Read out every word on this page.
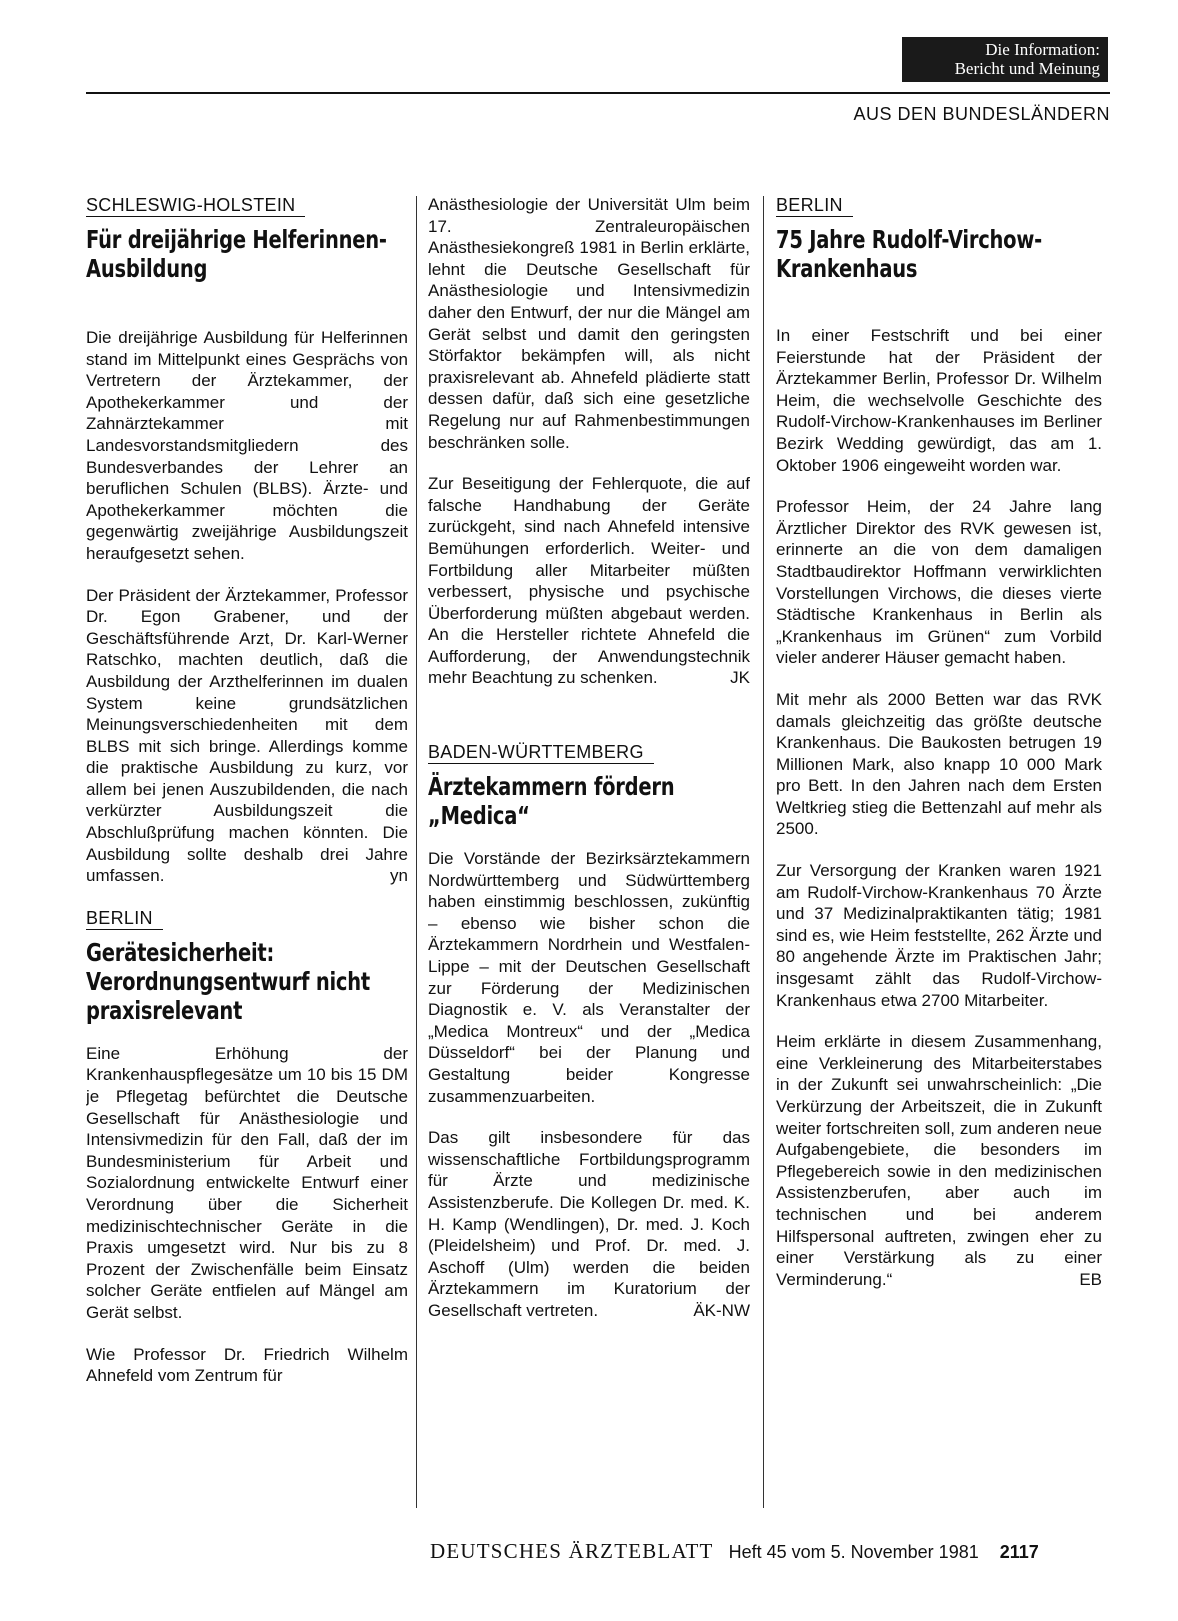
Die Information:
Bericht und Meinung
AUS DEN BUNDESLÄNDERN
SCHLESWIG-HOLSTEIN
Für dreijährige Helferinnen-Ausbildung

Die dreijährige Ausbildung für Helferinnen stand im Mittelpunkt eines Gesprächs von Vertretern der Ärztekammer, der Apothekerkammer und der Zahnärztekammer mit Landesvorstandsmitgliedern des Bundesverbandes der Lehrer an beruflichen Schulen (BLBS). Ärzte- und Apothekerkammer möchten die gegenwärtig zweijährige Ausbildungszeit heraufgesetzt sehen.

Der Präsident der Ärztekammer, Professor Dr. Egon Grabener, und der Geschäftsführende Arzt, Dr. Karl-Werner Ratschko, machten deutlich, daß die Ausbildung der Arzthelferinnen im dualen System keine grundsätzlichen Meinungsverschiedenheiten mit dem BLBS mit sich bringe. Allerdings komme die praktische Ausbildung zu kurz, vor allem bei jenen Auszubildenden, die nach verkürzter Ausbildungszeit die Abschlußprüfung machen könnten. Die Ausbildung sollte deshalb drei Jahre umfassen.	yn

BERLIN
Gerätesicherheit: Verordnungsentwurf nicht praxisrelevant

Eine Erhöhung der Krankenhauspflegesätze um 10 bis 15 DM je Pflegetag befürchtet die Deutsche Gesellschaft für Anästhesiologie und Intensivmedizin für den Fall, daß der im Bundesministerium für Arbeit und Sozialordnung entwickelte Entwurf einer Verordnung über die Sicherheit medizinischtechnischer Geräte in die Praxis umgesetzt wird. Nur bis zu 8 Prozent der Zwischenfälle beim Einsatz solcher Geräte entfielen auf Mängel am Gerät selbst.

Wie Professor Dr. Friedrich Wilhelm Ahnefeld vom Zentrum für

Anästhesiologie der Universität Ulm beim 17. Zentraleuropäischen Anästhesiekongreß 1981 in Berlin erklärte, lehnt die Deutsche Gesellschaft für Anästhesiologie und Intensivmedizin daher den Entwurf, der nur die Mängel am Gerät selbst und damit den geringsten Störfaktor bekämpfen will, als nicht praxisrelevant ab. Ahnefeld plädierte statt dessen dafür, daß sich eine gesetzliche Regelung nur auf Rahmenbestimmungen beschränken solle.

Zur Beseitigung der Fehlerquote, die auf falsche Handhabung der Geräte zurückgeht, sind nach Ahnefeld intensive Bemühungen erforderlich. Weiter- und Fortbildung aller Mitarbeiter müßten verbessert, physische und psychische Überforderung müßten abgebaut werden. An die Hersteller richtete Ahnefeld die Aufforderung, der Anwendungstechnik mehr Beachtung zu schenken.	JK

BADEN-WÜRTTEMBERG
Ärztekammern fördern „Medica“

Die Vorstände der Bezirksärztekammern Nordwürttemberg und Südwürttemberg haben einstimmig beschlossen, zukünftig – ebenso wie bisher schon die Ärztekammern Nordrhein und Westfalen-Lippe – mit der Deutschen Gesellschaft zur Förderung der Medizinischen Diagnostik e. V. als Veranstalter der „Medica Montreux“ und der „Medica Düsseldorf“ bei der Planung und Gestaltung beider Kongresse zusammenzuarbeiten.

Das gilt insbesondere für das wissenschaftliche Fortbildungsprogramm für Ärzte und medizinische Assistenzberufe. Die Kollegen Dr. med. K. H. Kamp (Wendlingen), Dr. med. J. Koch (Pleidelsheim) und Prof. Dr. med. J. Aschoff (Ulm) werden die beiden Ärztekammern im Kuratorium der Gesellschaft vertreten.	ÄK-NW

BERLIN
75 Jahre Rudolf-Virchow-Krankenhaus

In einer Festschrift und bei einer Feierstunde hat der Präsident der Ärztekammer Berlin, Professor Dr. Wilhelm Heim, die wechselvolle Geschichte des Rudolf-Virchow-Krankenhauses im Berliner Bezirk Wedding gewürdigt, das am 1. Oktober 1906 eingeweiht worden war.

Professor Heim, der 24 Jahre lang Ärztlicher Direktor des RVK gewesen ist, erinnerte an die von dem damaligen Stadtbaudirektor Hoffmann verwirklichten Vorstellungen Virchows, die dieses vierte Städtische Krankenhaus in Berlin als „Krankenhaus im Grünen“ zum Vorbild vieler anderer Häuser gemacht haben.

Mit mehr als 2000 Betten war das RVK damals gleichzeitig das größte deutsche Krankenhaus. Die Baukosten betrugen 19 Millionen Mark, also knapp 10 000 Mark pro Bett. In den Jahren nach dem Ersten Weltkrieg stieg die Bettenzahl auf mehr als 2500.

Zur Versorgung der Kranken waren 1921 am Rudolf-Virchow-Krankenhaus 70 Ärzte und 37 Medizinalpraktikanten tätig; 1981 sind es, wie Heim feststellte, 262 Ärzte und 80 angehende Ärzte im Praktischen Jahr; insgesamt zählt das Rudolf-Virchow-Krankenhaus etwa 2700 Mitarbeiter.

Heim erklärte in diesem Zusammenhang, eine Verkleinerung des Mitarbeiterstabes in der Zukunft sei unwahrscheinlich: „Die Verkürzung der Arbeitszeit, die in Zukunft weiter fortschreiten soll, zum anderen neue Aufgabengebiete, die besonders im Pflegebereich sowie in den medizinischen Assistenzberufen, aber auch im technischen und bei anderem Hilfspersonal auftreten, zwingen eher zu einer Verstärkung als zu einer Verminderung.“	EB

DEUTSCHES ÄRZTEBLATT Heft 45 vom 5. November 1981 2117
